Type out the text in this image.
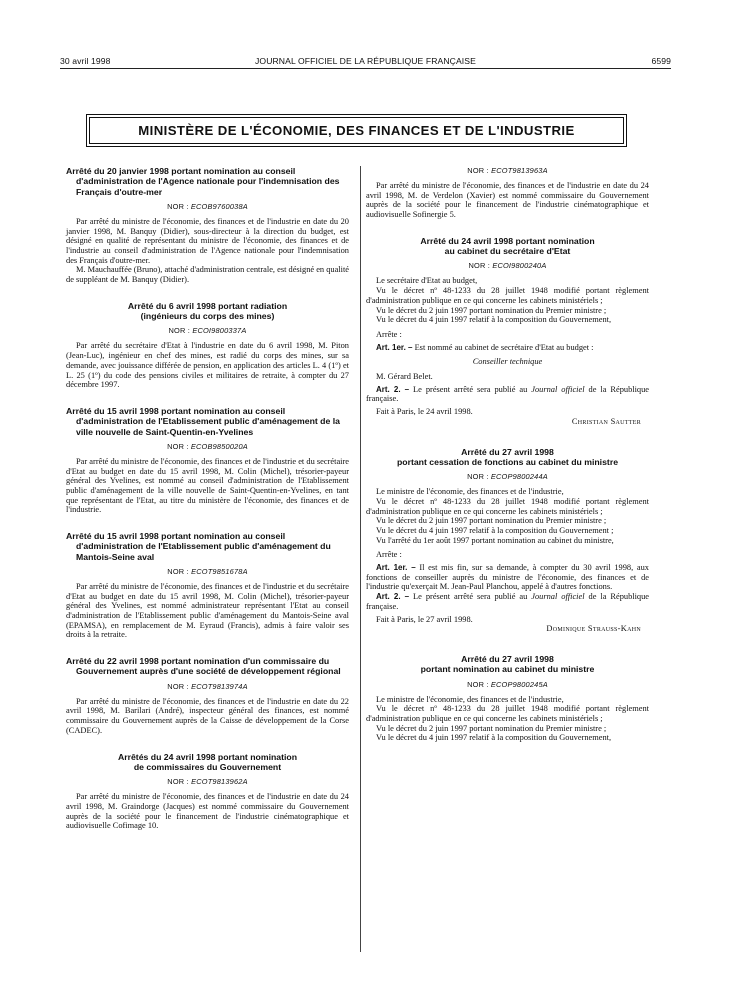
30 avril 1998	JOURNAL OFFICIEL DE LA RÉPUBLIQUE FRANÇAISE	6599
MINISTÈRE DE L'ÉCONOMIE, DES FINANCES ET DE L'INDUSTRIE

Arrêté du 20 janvier 1998 portant nomination au conseil d'administration de l'Agence nationale pour l'indemnisation des Français d'outre-mer

NOR : ECOB9760038A

Par arrêté du ministre de l'économie, des finances et de l'industrie en date du 20 janvier 1998, M. Banquy (Didier), sous-directeur à la direction du budget, est désigné en qualité de représentant du ministre de l'économie, des finances et de l'industrie au conseil d'administration de l'Agence nationale pour l'indemnisation des Français d'outre-mer.

M. Mauchauffée (Bruno), attaché d'administration centrale, est désigné en qualité de suppléant de M. Banquy (Didier).

Arrêté du 6 avril 1998 portant radiation

(ingénieurs du corps des mines)

NOR : ECOI9800337A

Par arrêté du secrétaire d'Etat à l'industrie en date du 6 avril 1998, M. Piton (Jean-Luc), ingénieur en chef des mines, est radié du corps des mines, sur sa demande, avec jouissance différée de pension, en application des articles L. 4 (1º) et L. 25 (1º) du code des pensions civiles et militaires de retraite, à compter du 27 décembre 1997.

Arrêté du 15 avril 1998 portant nomination au conseil d'administration de l'Etablissement public d'aménagement de la ville nouvelle de Saint-Quentin-en-Yvelines

NOR : ECOB9850020A

Par arrêté du ministre de l'économie, des finances et de l'industrie et du secrétaire d'Etat au budget en date du 15 avril 1998, M. Colin (Michel), trésorier-payeur général des Yvelines, est nommé au conseil d'administration de l'Etablissement public d'aménagement de la ville nouvelle de Saint-Quentin-en-Yvelines, en tant que représentant de l'Etat, au titre du ministère de l'économie, des finances et de l'industrie.

Arrêté du 15 avril 1998 portant nomination au conseil d'administration de l'Etablissement public d'aménagement du Mantois-Seine aval

NOR : ECOT9851678A

Par arrêté du ministre de l'économie, des finances et de l'industrie et du secrétaire d'Etat au budget en date du 15 avril 1998, M. Colin (Michel), trésorier-payeur général des Yvelines, est nommé administrateur représentant l'Etat au conseil d'administration de l'Etablissement public d'aménagement du Mantois-Seine aval (EPAMSA), en remplacement de M. Eyraud (Francis), admis à faire valoir ses droits à la retraite.

Arrêté du 22 avril 1998 portant nomination d'un commissaire du Gouvernement auprès d'une société de développement régional

NOR : ECOT9813974A

Par arrêté du ministre de l'économie, des finances et de l'industrie en date du 22 avril 1998, M. Barilari (André), inspecteur général des finances, est nommé commissaire du Gouvernement auprès de la Caisse de développement de la Corse (CADEC).

Arrêtés du 24 avril 1998 portant nomination

de commissaires du Gouvernement

NOR : ECOT9813962A

Par arrêté du ministre de l'économie, des finances et de l'industrie en date du 24 avril 1998, M. Graindorge (Jacques) est nommé commissaire du Gouvernement auprès de la société pour le financement de l'industrie cinématographique et audiovisuelle Cofimage 10.

NOR : ECOT9813963A

Par arrêté du ministre de l'économie, des finances et de l'industrie en date du 24 avril 1998, M. de Verdelon (Xavier) est nommé commissaire du Gouvernement auprès de la société pour le financement de l'industrie cinématographique et audiovisuelle Sofinergie 5.

Arrêté du 24 avril 1998 portant nomination

au cabinet du secrétaire d'Etat

NOR : ECOI9800240A

Le secrétaire d'Etat au budget,

Vu le décret nº 48-1233 du 28 juillet 1948 modifié portant règlement d'administration publique en ce qui concerne les cabinets ministériels ;

Vu le décret du 2 juin 1997 portant nomination du Premier ministre ;

Vu le décret du 4 juin 1997 relatif à la composition du Gouvernement,

Arrête :

Art. 1er. – Est nommé au cabinet de secrétaire d'Etat au budget :

Conseiller technique

M. Gérard Belet.

Art. 2. – Le présent arrêté sera publié au Journal officiel de la République française.

Fait à Paris, le 24 avril 1998.

Christian Sautter

Arrêté du 27 avril 1998

portant cessation de fonctions au cabinet du ministre

NOR : ECOP9800244A

Le ministre de l'économie, des finances et de l'industrie,

Vu le décret nº 48-1233 du 28 juillet 1948 modifié portant règlement d'administration publique en ce qui concerne les cabinets ministériels ;

Vu le décret du 2 juin 1997 portant nomination du Premier ministre ;

Vu le décret du 4 juin 1997 relatif à la composition du Gouvernement ;

Vu l'arrêté du 1er août 1997 portant nomination au cabinet du ministre,

Arrête :

Art. 1er. – Il est mis fin, sur sa demande, à compter du 30 avril 1998, aux fonctions de conseiller auprès du ministre de l'économie, des finances et de l'industrie qu'exerçait M. Jean-Paul Planchou, appelé à d'autres fonctions.

Art. 2. – Le présent arrêté sera publié au Journal officiel de la République française.

Fait à Paris, le 27 avril 1998.

Dominique Strauss-Kahn

Arrêté du 27 avril 1998

portant nomination au cabinet du ministre

NOR : ECOP9800245A

Le ministre de l'économie, des finances et de l'industrie,

Vu le décret nº 48-1233 du 28 juillet 1948 modifié portant règlement d'administration publique en ce qui concerne les cabinets ministériels ;

Vu le décret du 2 juin 1997 portant nomination du Premier ministre ;

Vu le décret du 4 juin 1997 relatif à la composition du Gouvernement,
